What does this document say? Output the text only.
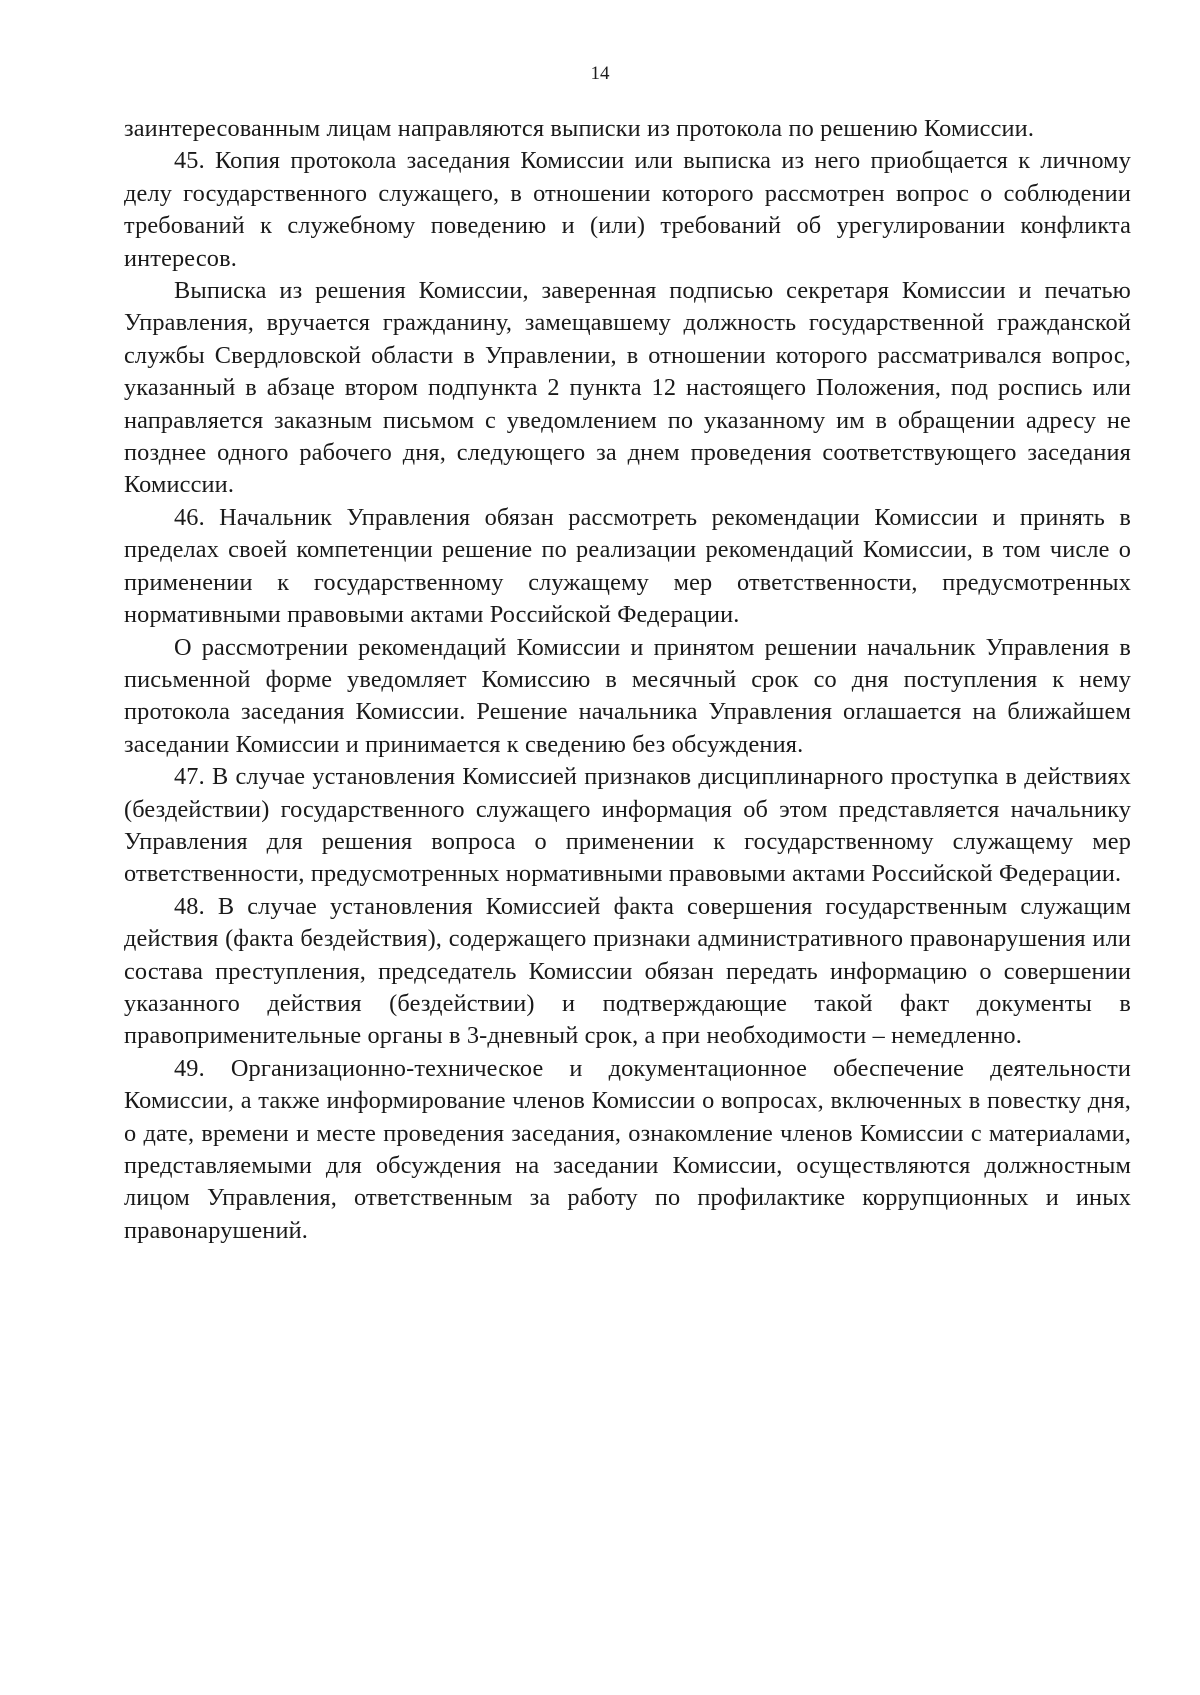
14

заинтересованным лицам направляются выписки из протокола по решению Комиссии.

45. Копия протокола заседания Комиссии или выписка из него приобщается к личному делу государственного служащего, в отношении которого рассмотрен вопрос о соблюдении требований к служебному поведению и (или) требований об урегулировании конфликта интересов.

Выписка из решения Комиссии, заверенная подписью секретаря Комиссии и печатью Управления, вручается гражданину, замещавшему должность государственной гражданской службы Свердловской области в Управлении, в отношении которого рассматривался вопрос, указанный в абзаце втором подпункта 2 пункта 12 настоящего Положения, под роспись или направляется заказным письмом с уведомлением по указанному им в обращении адресу не позднее одного рабочего дня, следующего за днем проведения соответствующего заседания Комиссии.

46. Начальник Управления обязан рассмотреть рекомендации Комиссии и принять в пределах своей компетенции решение по реализации рекомендаций Комиссии, в том числе о применении к государственному служащему мер ответственности, предусмотренных нормативными правовыми актами Российской Федерации.

О рассмотрении рекомендаций Комиссии и принятом решении начальник Управления в письменной форме уведомляет Комиссию в месячный срок со дня поступления к нему протокола заседания Комиссии. Решение начальника Управления оглашается на ближайшем заседании Комиссии и принимается к сведению без обсуждения.

47. В случае установления Комиссией признаков дисциплинарного проступка в действиях (бездействии) государственного служащего информация об этом представляется начальнику Управления для решения вопроса о применении к государственному служащему мер ответственности, предусмотренных нормативными правовыми актами Российской Федерации.

48. В случае установления Комиссией факта совершения государственным служащим действия (факта бездействия), содержащего признаки административного правонарушения или состава преступления, председатель Комиссии обязан передать информацию о совершении указанного действия (бездействии) и подтверждающие такой факт документы в правоприменительные органы в 3-дневный срок, а при необходимости – немедленно.

49. Организационно-техническое и документационное обеспечение деятельности Комиссии, а также информирование членов Комиссии о вопросах, включенных в повестку дня, о дате, времени и месте проведения заседания, ознакомление членов Комиссии с материалами, представляемыми для обсуждения на заседании Комиссии, осуществляются должностным лицом Управления, ответственным за работу по профилактике коррупционных и иных правонарушений.
